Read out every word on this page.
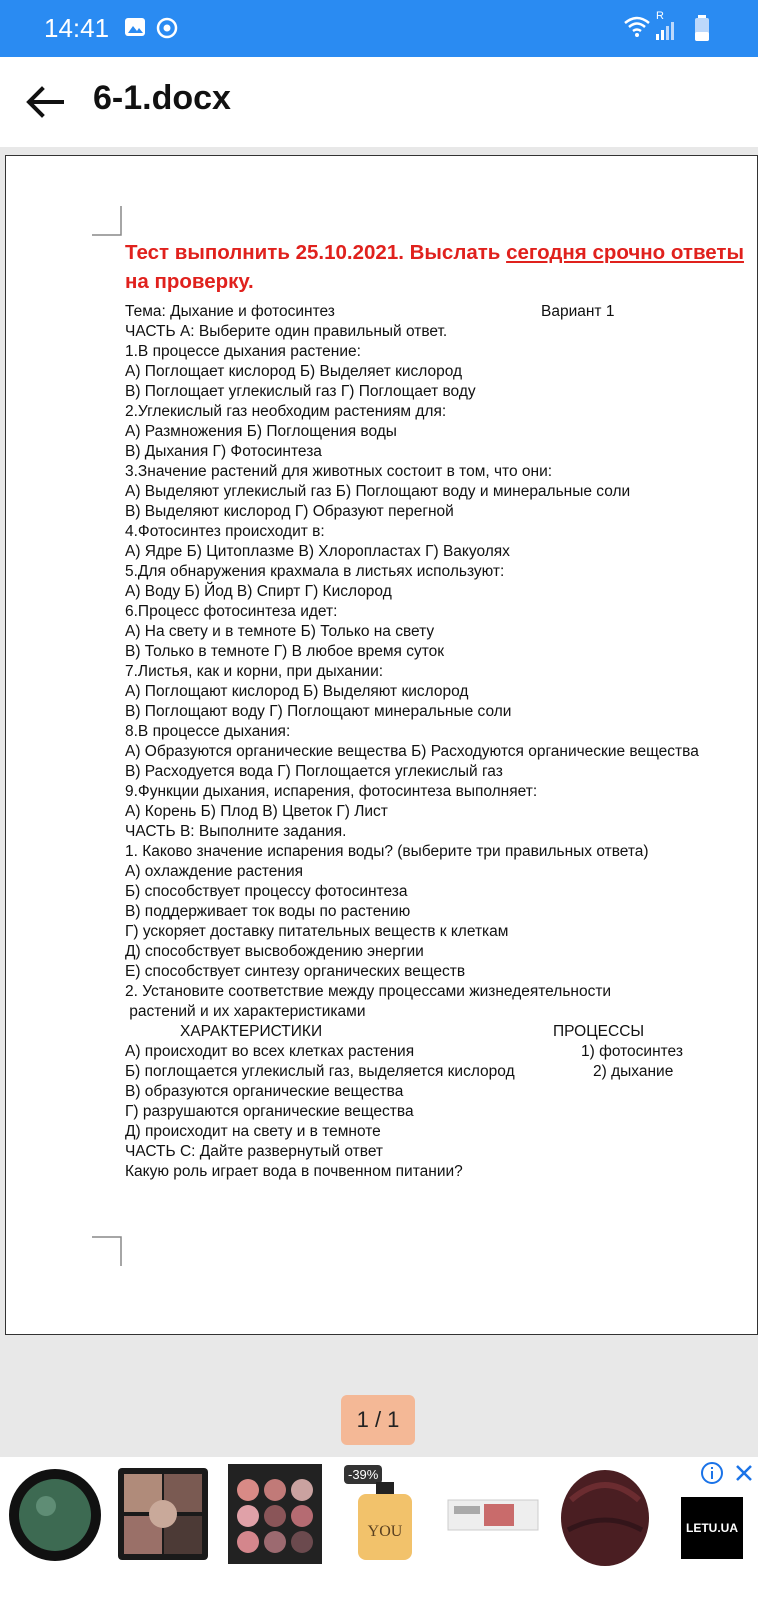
14:41	R
6-1.docx
Тест выполнить 25.10.2021. Выслать сегодня срочно ответы
на проверку.
Тема: Дыхание и фотосинтез	Вариант 1
ЧАСТЬ А: Выберите один правильный ответ.
1.В процессе дыхания растение:
А) Поглощает кислород Б) Выделяет кислород
В) Поглощает углекислый газ Г) Поглощает воду
2.Углекислый газ необходим растениям для:
А) Размножения Б) Поглощения воды
В) Дыхания Г) Фотосинтеза
3.Значение растений для животных состоит в том, что они:
А) Выделяют углекислый газ Б) Поглощают воду и минеральные соли
В) Выделяют кислород Г) Образуют перегной
4.Фотосинтез происходит в:
А) Ядре Б) Цитоплазме В) Хлоропластах Г) Вакуолях
5.Для обнаружения крахмала в листьях используют:
А) Воду Б) Йод В) Спирт Г) Кислород
6.Процесс фотосинтеза идет:
А) На свету и в темноте Б) Только на свету
В) Только в темноте Г) В любое время суток
7.Листья, как и корни, при дыхании:
А) Поглощают кислород Б) Выделяют кислород
В) Поглощают воду Г) Поглощают минеральные соли
8.В процессе дыхания:
А) Образуются органические вещества Б) Расходуются органические вещества
В) Расходуется вода Г) Поглощается углекислый газ
9.Функции дыхания, испарения, фотосинтеза выполняет:
А) Корень Б) Плод В) Цветок Г) Лист
ЧАСТЬ В: Выполните задания.
1. Каково значение испарения воды? (выберите три правильных ответа)
А) охлаждение растения
Б) способствует процессу фотосинтеза
В) поддерживает ток воды по растению
Г) ускоряет доставку питательных веществ к клеткам
Д) способствует высвобождению энергии
Е) способствует синтезу органических веществ
2. Установите соответствие между процессами жизнедеятельности
растений и их характеристиками
ХАРАКТЕРИСТИКИ	ПРОЦЕССЫ
А) происходит во всех клетках растения	1) фотосинтез
Б) поглощается углекислый газ, выделяется кислород	2) дыхание
В) образуются органические вещества
Г) разрушаются органические вещества
Д) происходит на свету и в темноте
ЧАСТЬ С: Дайте развернутый ответ
Какую роль играет вода в почвенном питании?
1 / 1
-39%
YOU
	LETU.UA
